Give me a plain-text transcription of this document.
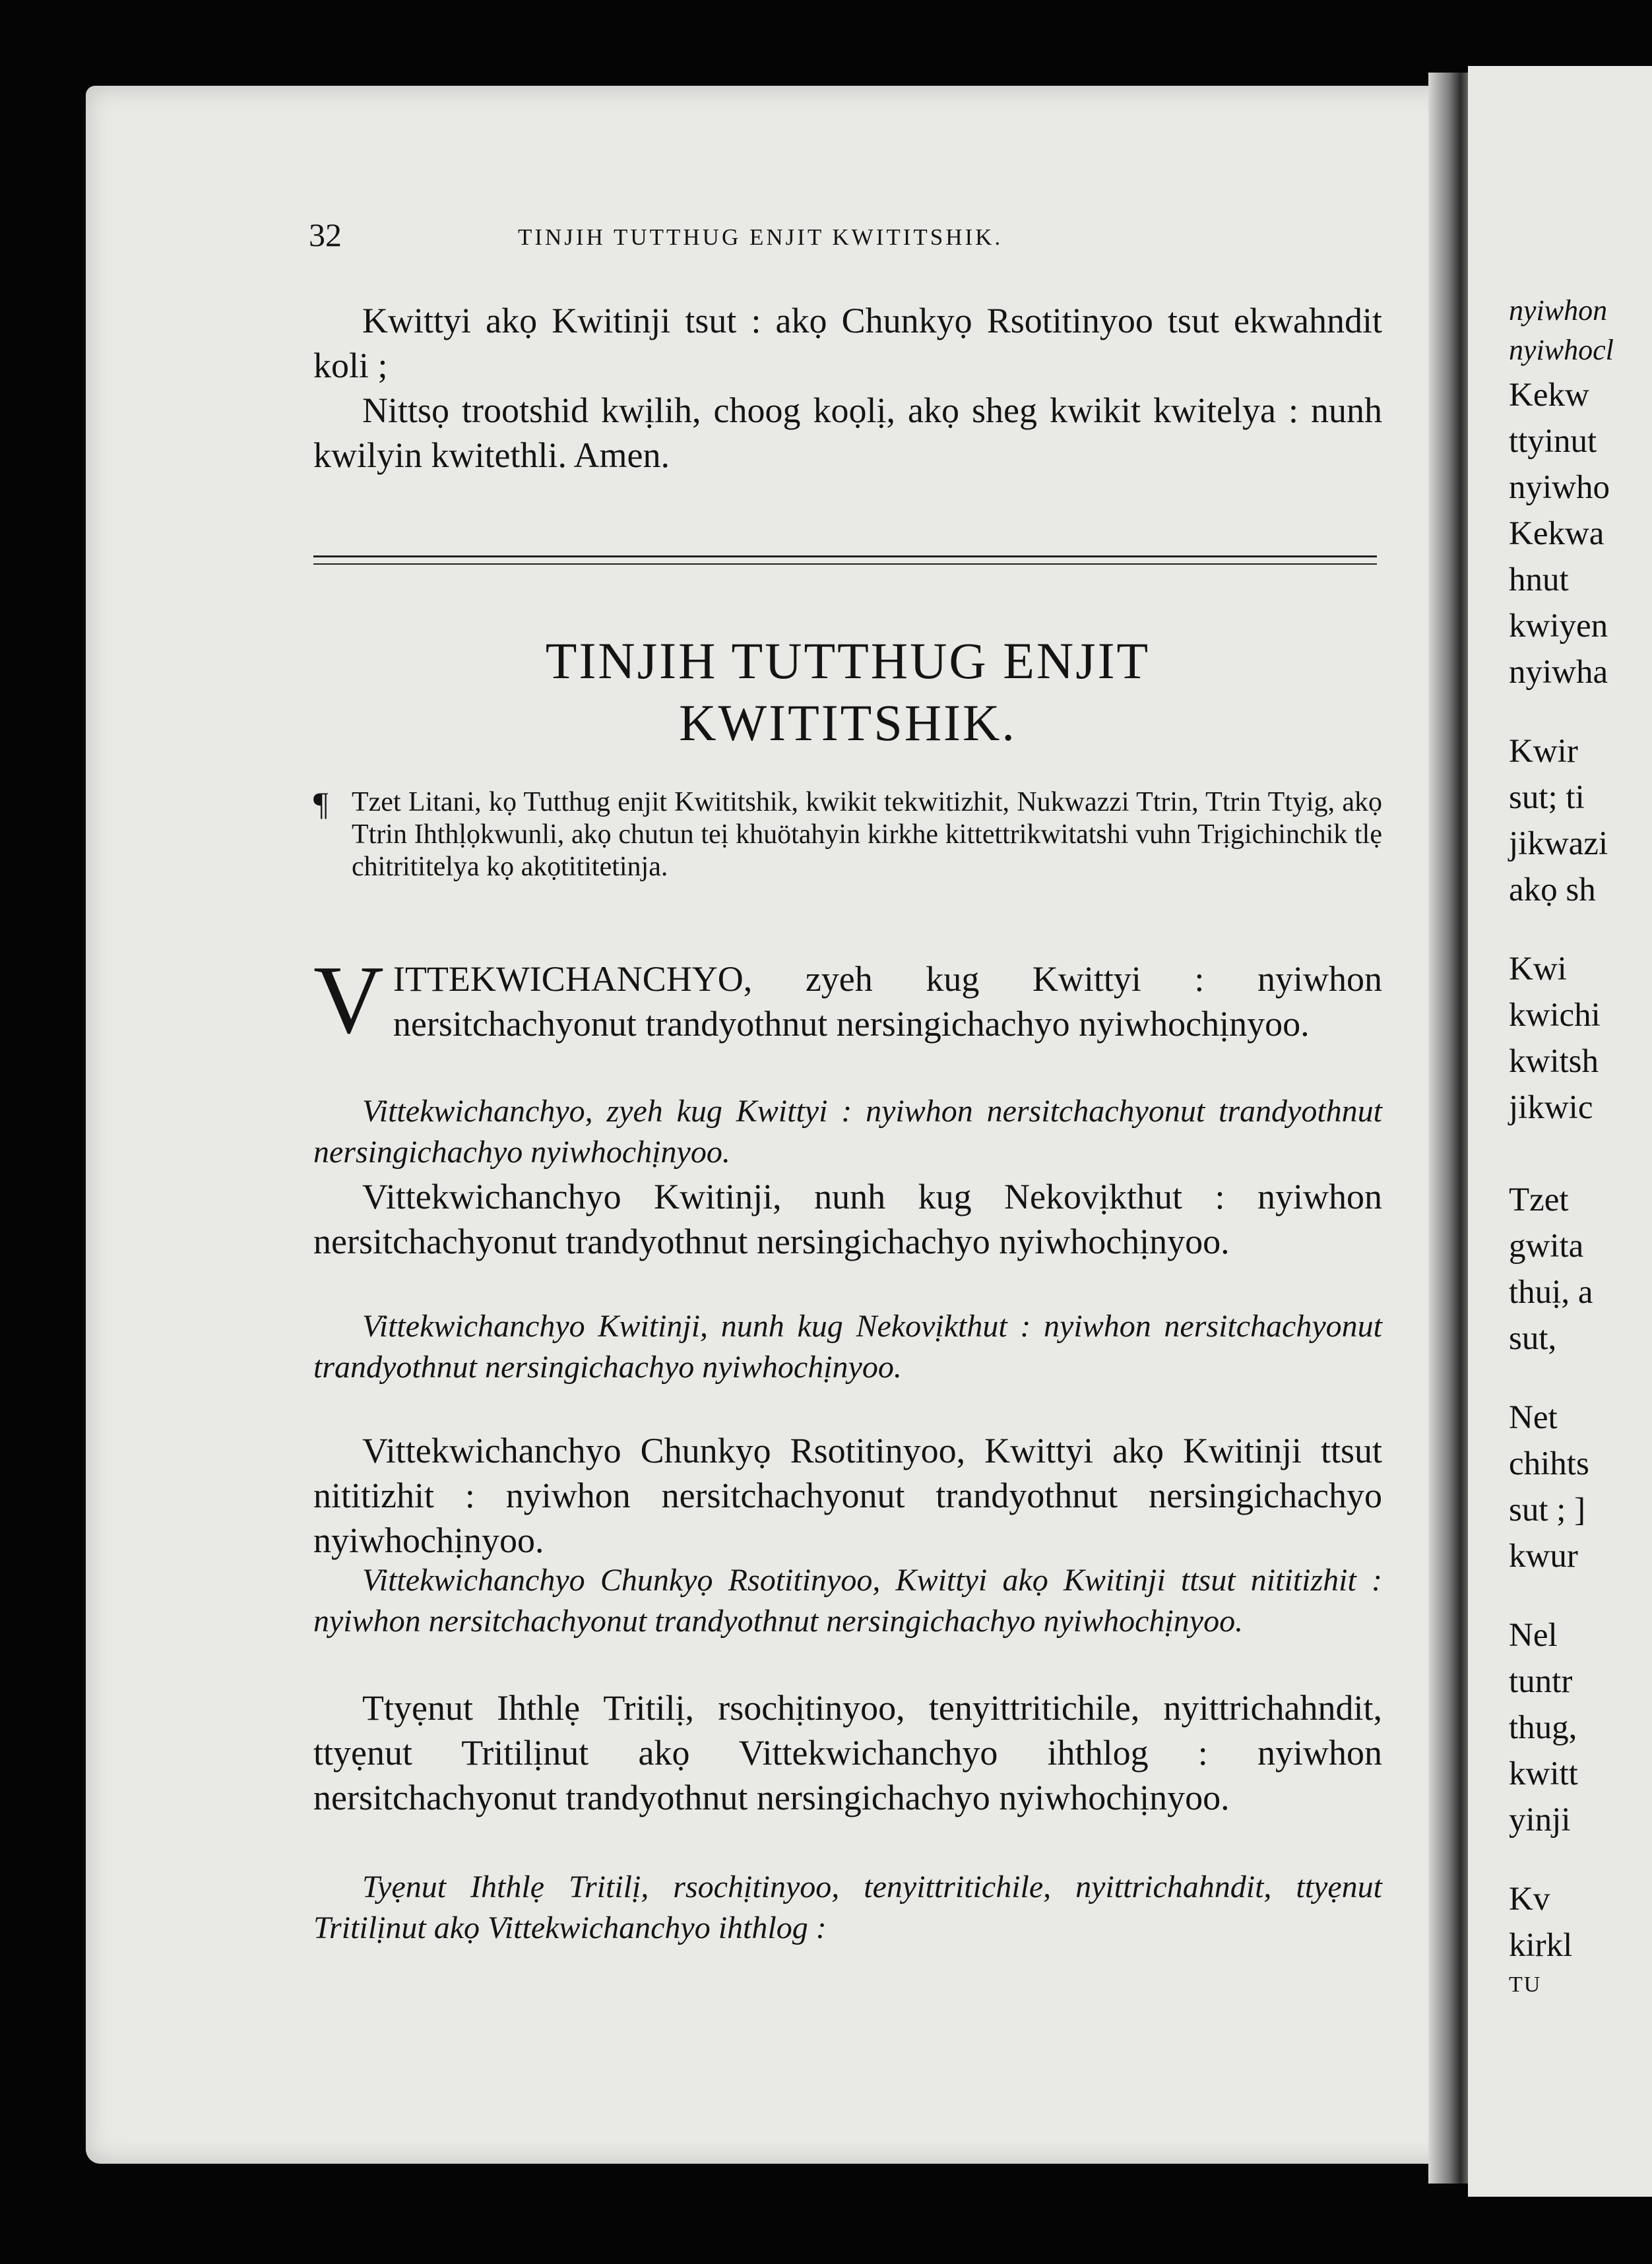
nyiwhon
nyiwhocl
Kekw
ttyinut
nyiwho
Kekwa
hnut
kwiyen
nyiwha
Kwir
sut; ti
jikwazi
akọ sh
Kwi
kwichi
kwitsh
jikwic
Tzet
gwita
thuị, a
sut,
Net
chihts
sut ; ]
kwur
Nel
tuntr
thug,
kwitt
yinji
Kv
kirkl
TU
32	TINJIH TUTTHUG ENJIT KWITITSHIK.
Kwittyi akọ Kwitinji tsut : akọ Chunkyọ Rsotitinyoo tsut ekwahndit koli ;
Nittsọ trootshid kwịlih, choog koọlị, akọ sheg kwikit kwitelya : nunh kwilyin kwitethli. Amen.
TINJIH TUTTHUG ENJIT
KWITITSHIK.
¶ Tzet Litani, kọ Tutthug enjit Kwititshik, kwikit tekwitizhit, Nukwazzi Ttrin, Ttrin Ttyig, akọ Ttrin Ihthḷọkwunli, akọ chutun teị khuötahyin kirkhe kittettrikwitatshi vuhn Trịgichinchik tlẹ chitrititelya kọ akọtititetinja.
VITTEKWICHANCHYO, zyeh kug Kwittyi : nyiwhon nersitchachyonut trandyothnut nersingichachyo nyiwhochịnyoo.
Vittekwichanchyo, zyeh kug Kwittyi : nyiwhon nersitchachyonut trandyothnut nersingichachyo nyiwhochịnyoo.
Vittekwichanchyo Kwitinji, nunh kug Nekovịkthut : nyiwhon nersitchachyonut trandyothnut nersingichachyo nyiwhochịnyoo.
Vittekwichanchyo Kwitinji, nunh kug Nekovịkthut : nyiwhon nersitchachyonut trandyothnut nersingichachyo nyiwhochịnyoo.
Vittekwichanchyo Chunkyọ Rsotitinyoo, Kwittyi akọ Kwitinji ttsut nititizhit : nyiwhon nersitchachyonut trandyothnut nersingichachyo nyiwhochịnyoo.
Vittekwichanchyo Chunkyọ Rsotitinyoo, Kwittyi akọ Kwitinji ttsut nititizhit : nyiwhon nersitchachyonut trandyothnut nersingichachyo nyiwhochịnyoo.
Ttyẹnut Ihthlẹ Tritilị, rsochịtinyoo, tenyittritichile, nyittrichahndit, ttyẹnut Tritilịnut akọ Vittekwichanchyo ihthlog : nyiwhon nersitchachyonut trandyothnut nersingichachyo nyiwhochịnyoo.
Tyẹnut Ihthlẹ Tritilị, rsochịtinyoo, tenyittritichile, nyittrichahndit, ttyẹnut Tritilịnut akọ Vittekwichanchyo ihthlog :
